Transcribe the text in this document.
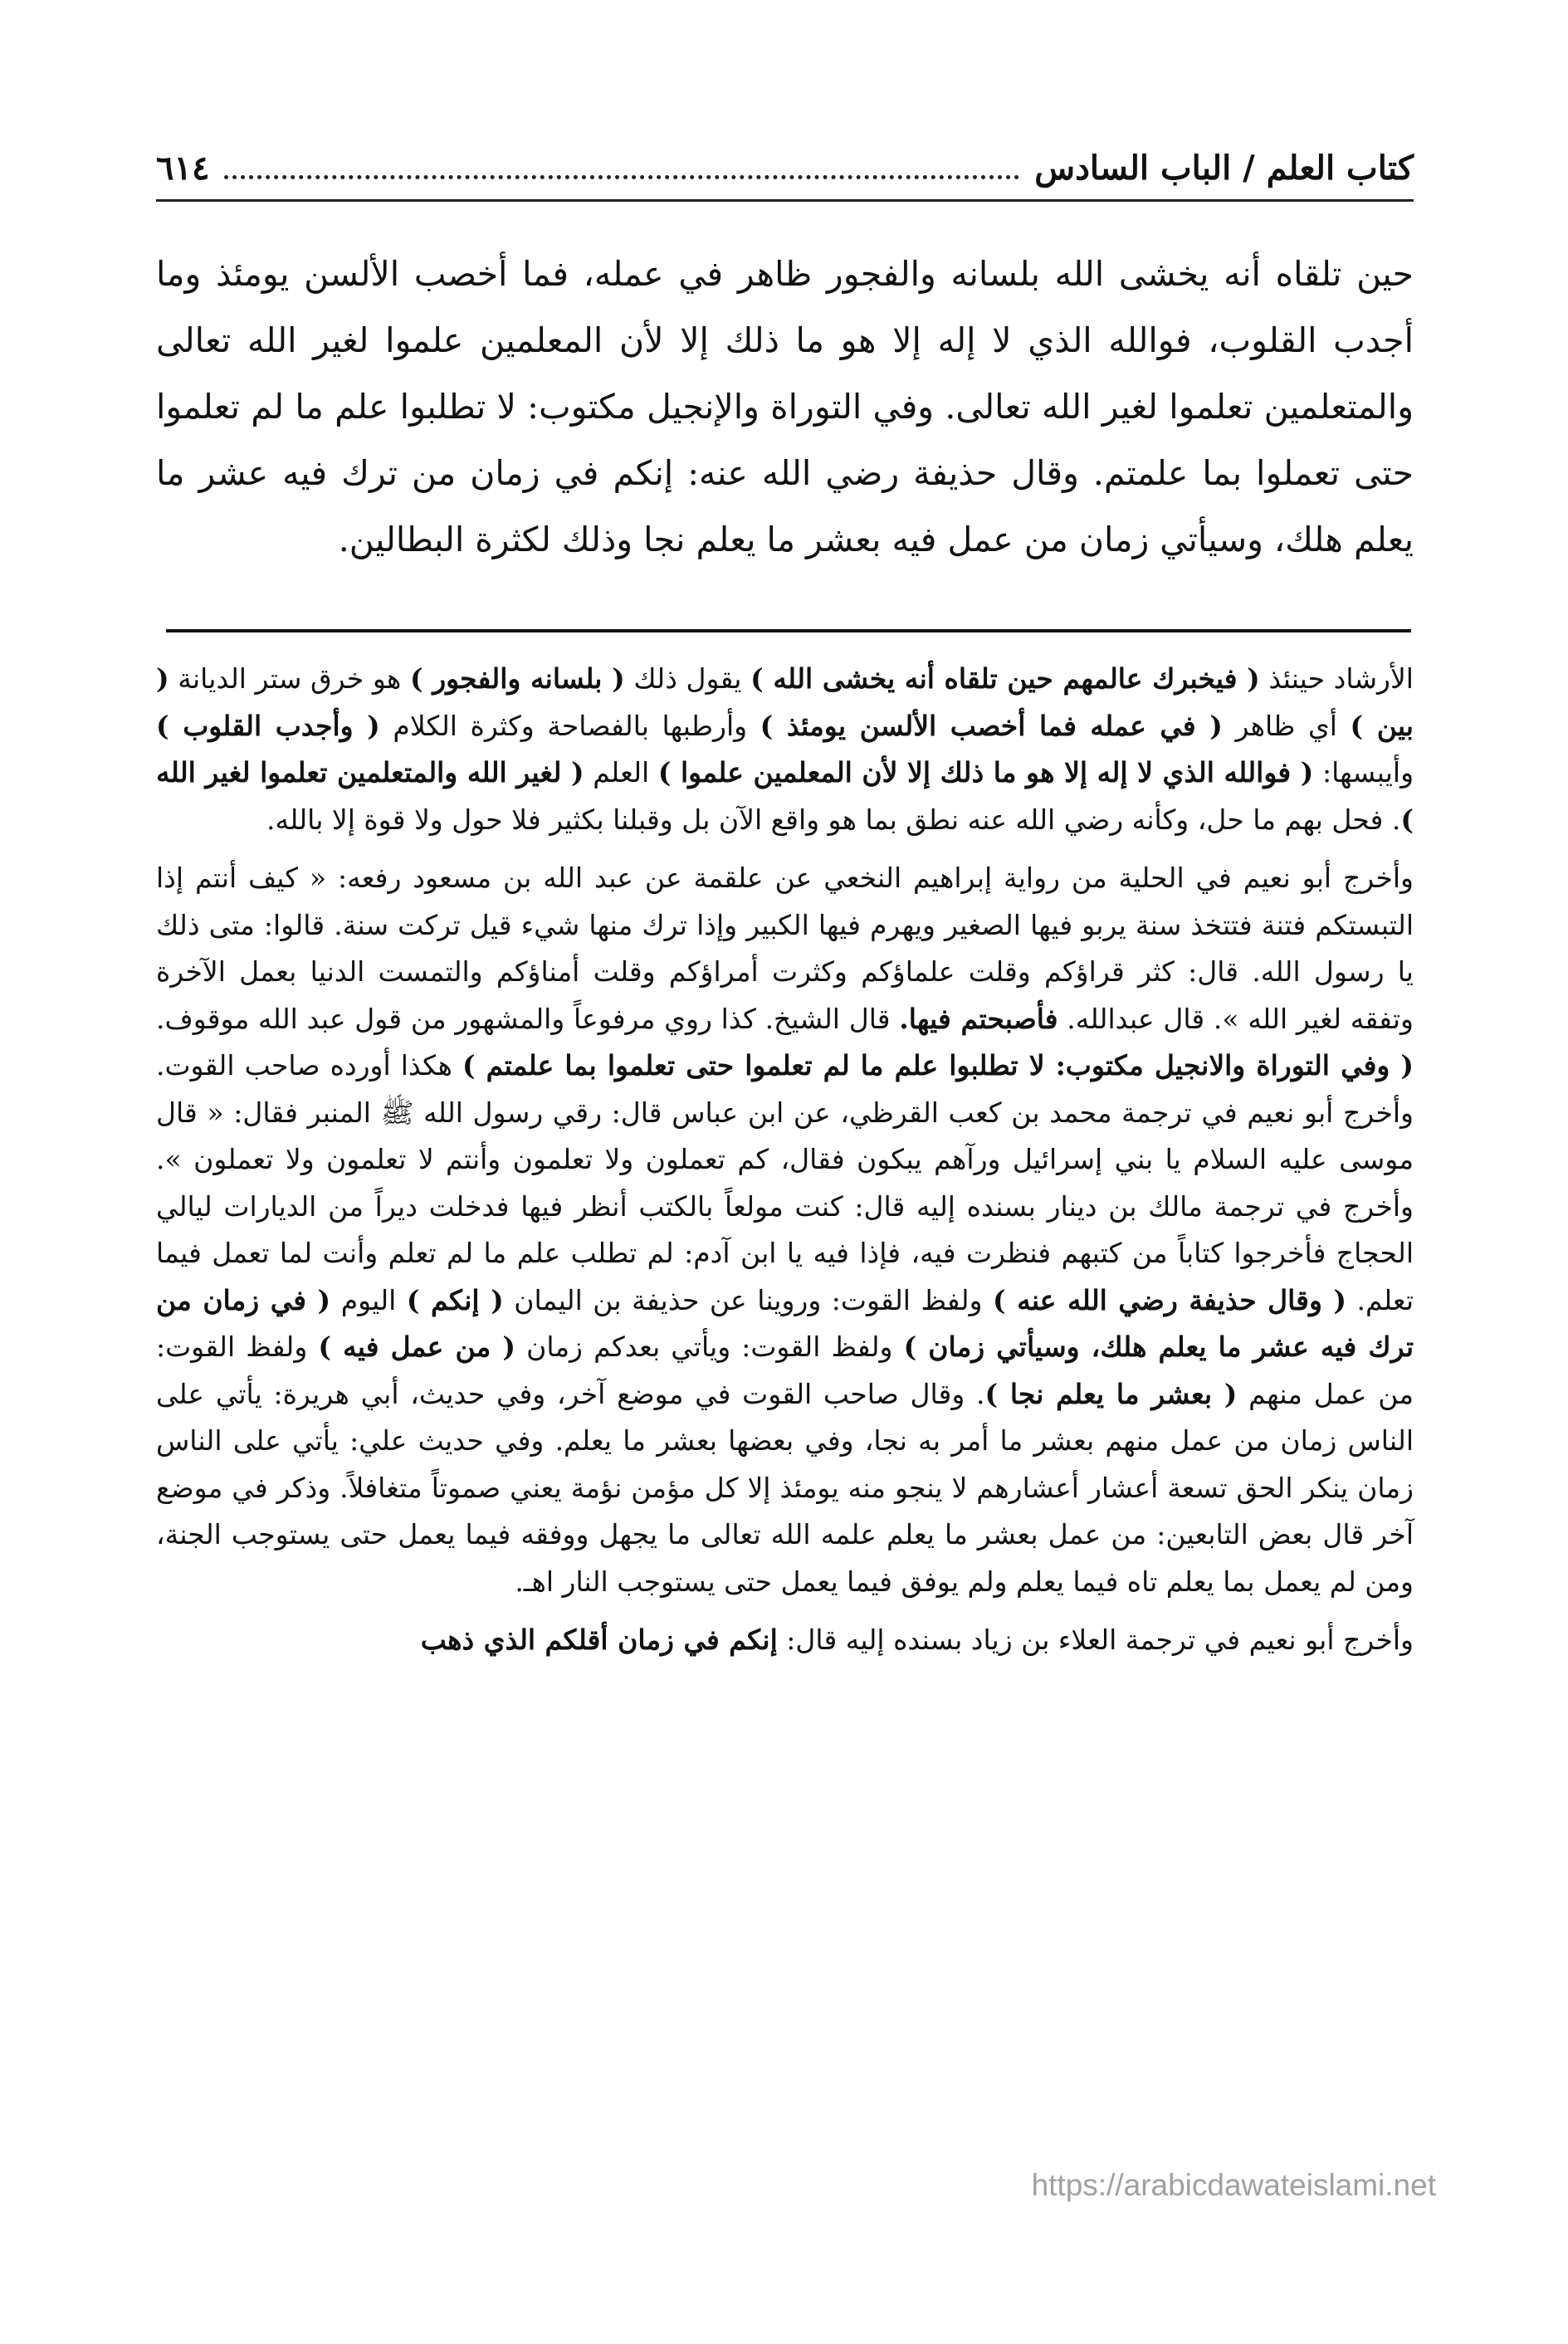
كتاب العلم / الباب السادس
٦١٤

حين تلقاه أنه يخشى الله بلسانه والفجور ظاهر في عمله، فما أخصب الألسن يومئذ وما أجدب القلوب، فوالله الذي لا إله إلا هو ما ذلك إلا لأن المعلمين علموا لغير الله تعالى والمتعلمين تعلموا لغير الله تعالى. وفي التوراة والإنجيل مكتوب: لا تطلبوا علم ما لم تعلموا حتى تعملوا بما علمتم. وقال حذيفة رضي الله عنه: إنكم في زمان من ترك فيه عشر ما يعلم هلك، وسيأتي زمان من عمل فيه بعشر ما يعلم نجا وذلك لكثرة البطالين.

الأرشاد حينئذ ( فيخبرك عالمهم حين تلقاه أنه يخشى الله ) يقول ذلك ( بلسانه والفجور ) هو خرق ستر الديانة ( بين ) أي ظاهر ( في عمله فما أخصب الألسن يومئذ ) وأرطبها بالفصاحة وكثرة الكلام ( وأجدب القلوب ) وأيبسها: ( فوالله الذي لا إله إلا هو ما ذلك إلا لأن المعلمين علموا ) العلم ( لغير الله والمتعلمين تعلموا لغير الله ). فحل بهم ما حل، وكأنه رضي الله عنه نطق بما هو واقع الآن بل وقبلنا بكثير فلا حول ولا قوة إلا بالله.

وأخرج أبو نعيم في الحلية من رواية إبراهيم النخعي عن علقمة عن عبد الله بن مسعود رفعه: « كيف أنتم إذا التبستكم فتنة فتتخذ سنة يربو فيها الصغير ويهرم فيها الكبير وإذا ترك منها شيء قيل تركت سنة. قالوا: متى ذلك يا رسول الله. قال: كثر قراؤكم وقلت علماؤكم وكثرت أمراؤكم وقلت أمناؤكم والتمست الدنيا بعمل الآخرة وتفقه لغير الله ». قال عبدالله. فأصبحتم فيها. قال الشيخ. كذا روي مرفوعاً والمشهور من قول عبد الله موقوف. ( وفي التوراة والانجيل مكتوب: لا تطلبوا علم ما لم تعلموا حتى تعلموا بما علمتم ) هكذا أورده صاحب القوت. وأخرج أبو نعيم في ترجمة محمد بن كعب القرظي، عن ابن عباس قال: رقي رسول الله ﷺ المنبر فقال: « قال موسى عليه السلام يا بني إسرائيل ورآهم يبكون فقال، كم تعملون ولا تعلمون وأنتم لا تعلمون ولا تعملون ». وأخرج في ترجمة مالك بن دينار بسنده إليه قال: كنت مولعاً بالكتب أنظر فيها فدخلت ديراً من الديارات ليالي الحجاج فأخرجوا كتاباً من كتبهم فنظرت فيه، فإذا فيه يا ابن آدم: لم تطلب علم ما لم تعلم وأنت لما تعمل فيما تعلم. ( وقال حذيفة رضي الله عنه ) ولفظ القوت: وروينا عن حذيفة بن اليمان ( إنكم ) اليوم ( في زمان من ترك فيه عشر ما يعلم هلك، وسيأتي زمان ) ولفظ القوت: ويأتي بعدكم زمان ( من عمل فيه ) ولفظ القوت: من عمل منهم ( بعشر ما يعلم نجا ). وقال صاحب القوت في موضع آخر، وفي حديث، أبي هريرة: يأتي على الناس زمان من عمل منهم بعشر ما أمر به نجا، وفي بعضها بعشر ما يعلم. وفي حديث علي: يأتي على الناس زمان ينكر الحق تسعة أعشار أعشارهم لا ينجو منه يومئذ إلا كل مؤمن نؤمة يعني صموتاً متغافلاً. وذكر في موضع آخر قال بعض التابعين: من عمل بعشر ما يعلم علمه الله تعالى ما يجهل ووفقه فيما يعمل حتى يستوجب الجنة، ومن لم يعمل بما يعلم تاه فيما يعلم ولم يوفق فيما يعمل حتى يستوجب النار اهـ.

وأخرج أبو نعيم في ترجمة العلاء بن زياد بسنده إليه قال: إنكم في زمان أقلكم الذي ذهب

https://arabicdawateislami.net
